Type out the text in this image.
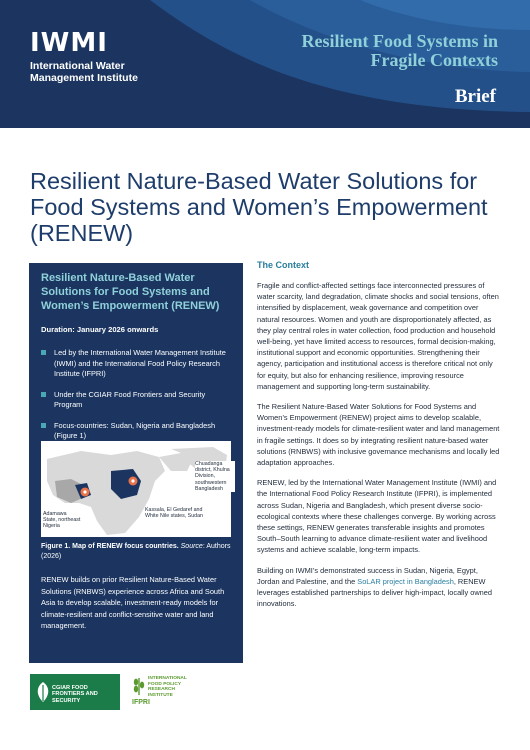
IWMI
International Water Management Institute
Resilient Food Systems in Fragile Contexts
Brief
Resilient Nature-Based Water Solutions for Food Systems and Women’s Empowerment (RENEW)
Resilient Nature-Based Water Solutions for Food Systems and Women’s Empowerment (RENEW)
Duration: January 2026 onwards
Led by the International Water Management Institute (IWMI) and the International Food Policy Research Institute (IFPRI)
Under the CGIAR Food Frontiers and Security Program
Focus-countries: Sudan, Nigeria and Bangladesh (Figure 1)
Chuadanga district, Khulna Division, southwestern Bangladesh
Kassala, El Gedaref and White Nile states, Sudan
Adamawa State, northeast Nigeria
Figure 1. Map of RENEW focus countries. Source: Authors (2026)
RENEW builds on prior Resilient Nature-Based Water Solutions (RNBWS) experience across Africa and South Asia to develop scalable, investment-ready models for climate-resilient and conflict-sensitive water and land management.
The Context

Fragile and conflict-affected settings face interconnected pressures of water scarcity, land degradation, climate shocks and social tensions, often intensified by displacement, weak governance and competition over natural resources. Women and youth are disproportionately affected, as they play central roles in water collection, food production and household well-being, yet have limited access to resources, formal decision-making, institutional support and economic opportunities. Strengthening their agency, participation and institutional access is therefore critical not only for equity, but also for enhancing resilience, improving resource management and supporting long-term sustainability.

The Resilient Nature-Based Water Solutions for Food Systems and Women’s Empowerment (RENEW) project aims to develop scalable, investment-ready models for climate-resilient water and land management in fragile settings. It does so by integrating resilient nature-based water solutions (RNBWS) with inclusive governance mechanisms and locally led adaptation approaches.

RENEW, led by the International Water Management Institute (IWMI) and the International Food Policy Research Institute (IFPRI), is implemented across Sudan, Nigeria and Bangladesh, which present diverse socio-ecological contexts where these challenges converge. By working across these settings, RENEW generates transferable insights and promotes South–South learning to advance climate-resilient water and livelihood systems and achieve scalable, long-term impacts.

Building on IWMI’s demonstrated success in Sudan, Nigeria, Egypt, Jordan and Palestine, and the SoLAR project in Bangladesh, RENEW leverages established partnerships to deliver high-impact, locally owned innovations.

CGIAR FOOD FRONTIERS AND SECURITY
INTERNATIONAL FOOD POLICY RESEARCH INSTITUTE
IFPRI
